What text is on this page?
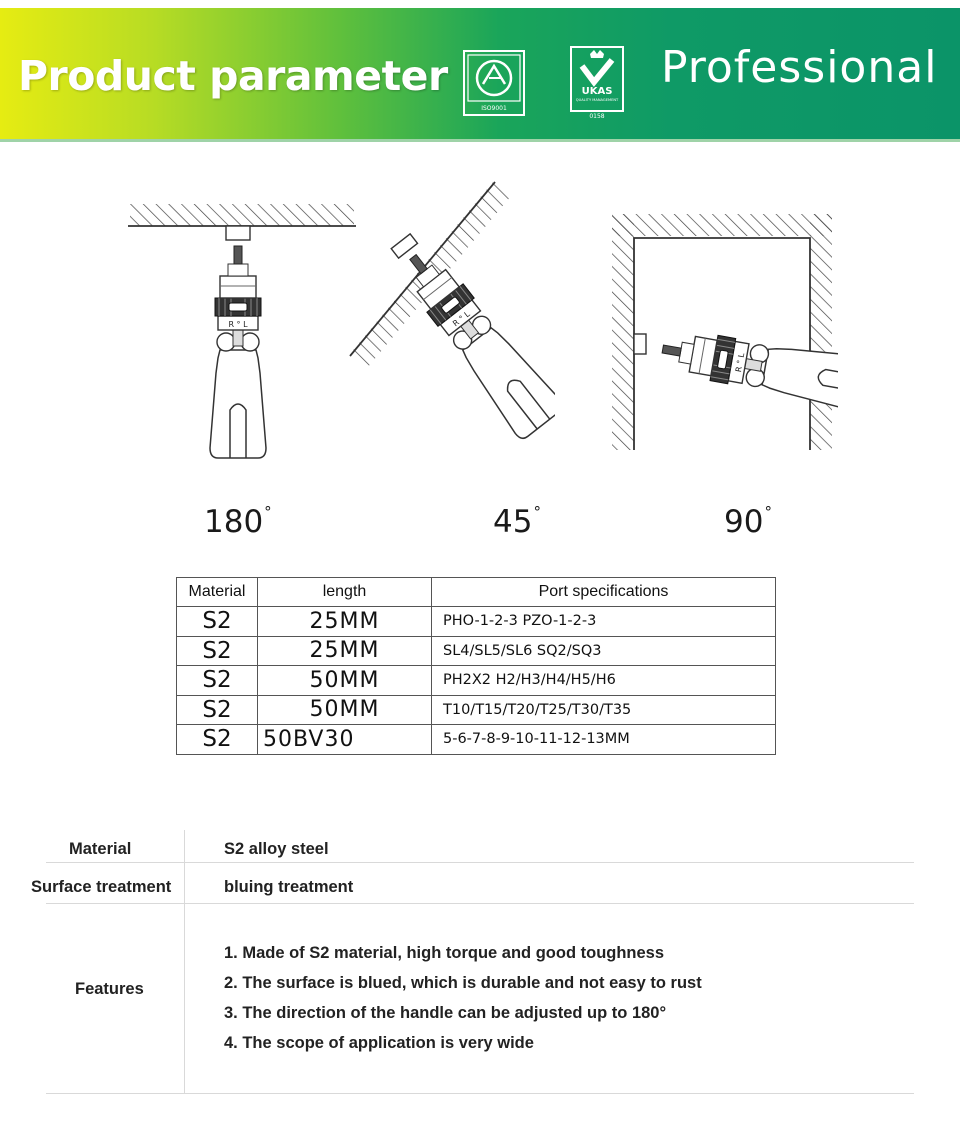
Product parameter
ISO9001
UKAS
QUALITY MANAGEMENT
0158
Professional
180°	45°	90°
Material	length	Port specifications
S2	25MM	PHO-1-2-3 PZO-1-2-3
S2	25MM	SL4/SL5/SL6 SQ2/SQ3
S2	50MM	PH2X2 H2/H3/H4/H5/H6
S2	50MM	T10/T15/T20/T25/T30/T35
S2	50BV30	5-6-7-8-9-10-11-12-13MM
Material	S2 alloy steel
Surface treatment	bluing treatment
Features
1. Made of S2 material, high torque and good toughness
2. The surface is blued, which is durable and not easy to rust
3. The direction of the handle can be adjusted up to 180°
4. The scope of application is very wide
